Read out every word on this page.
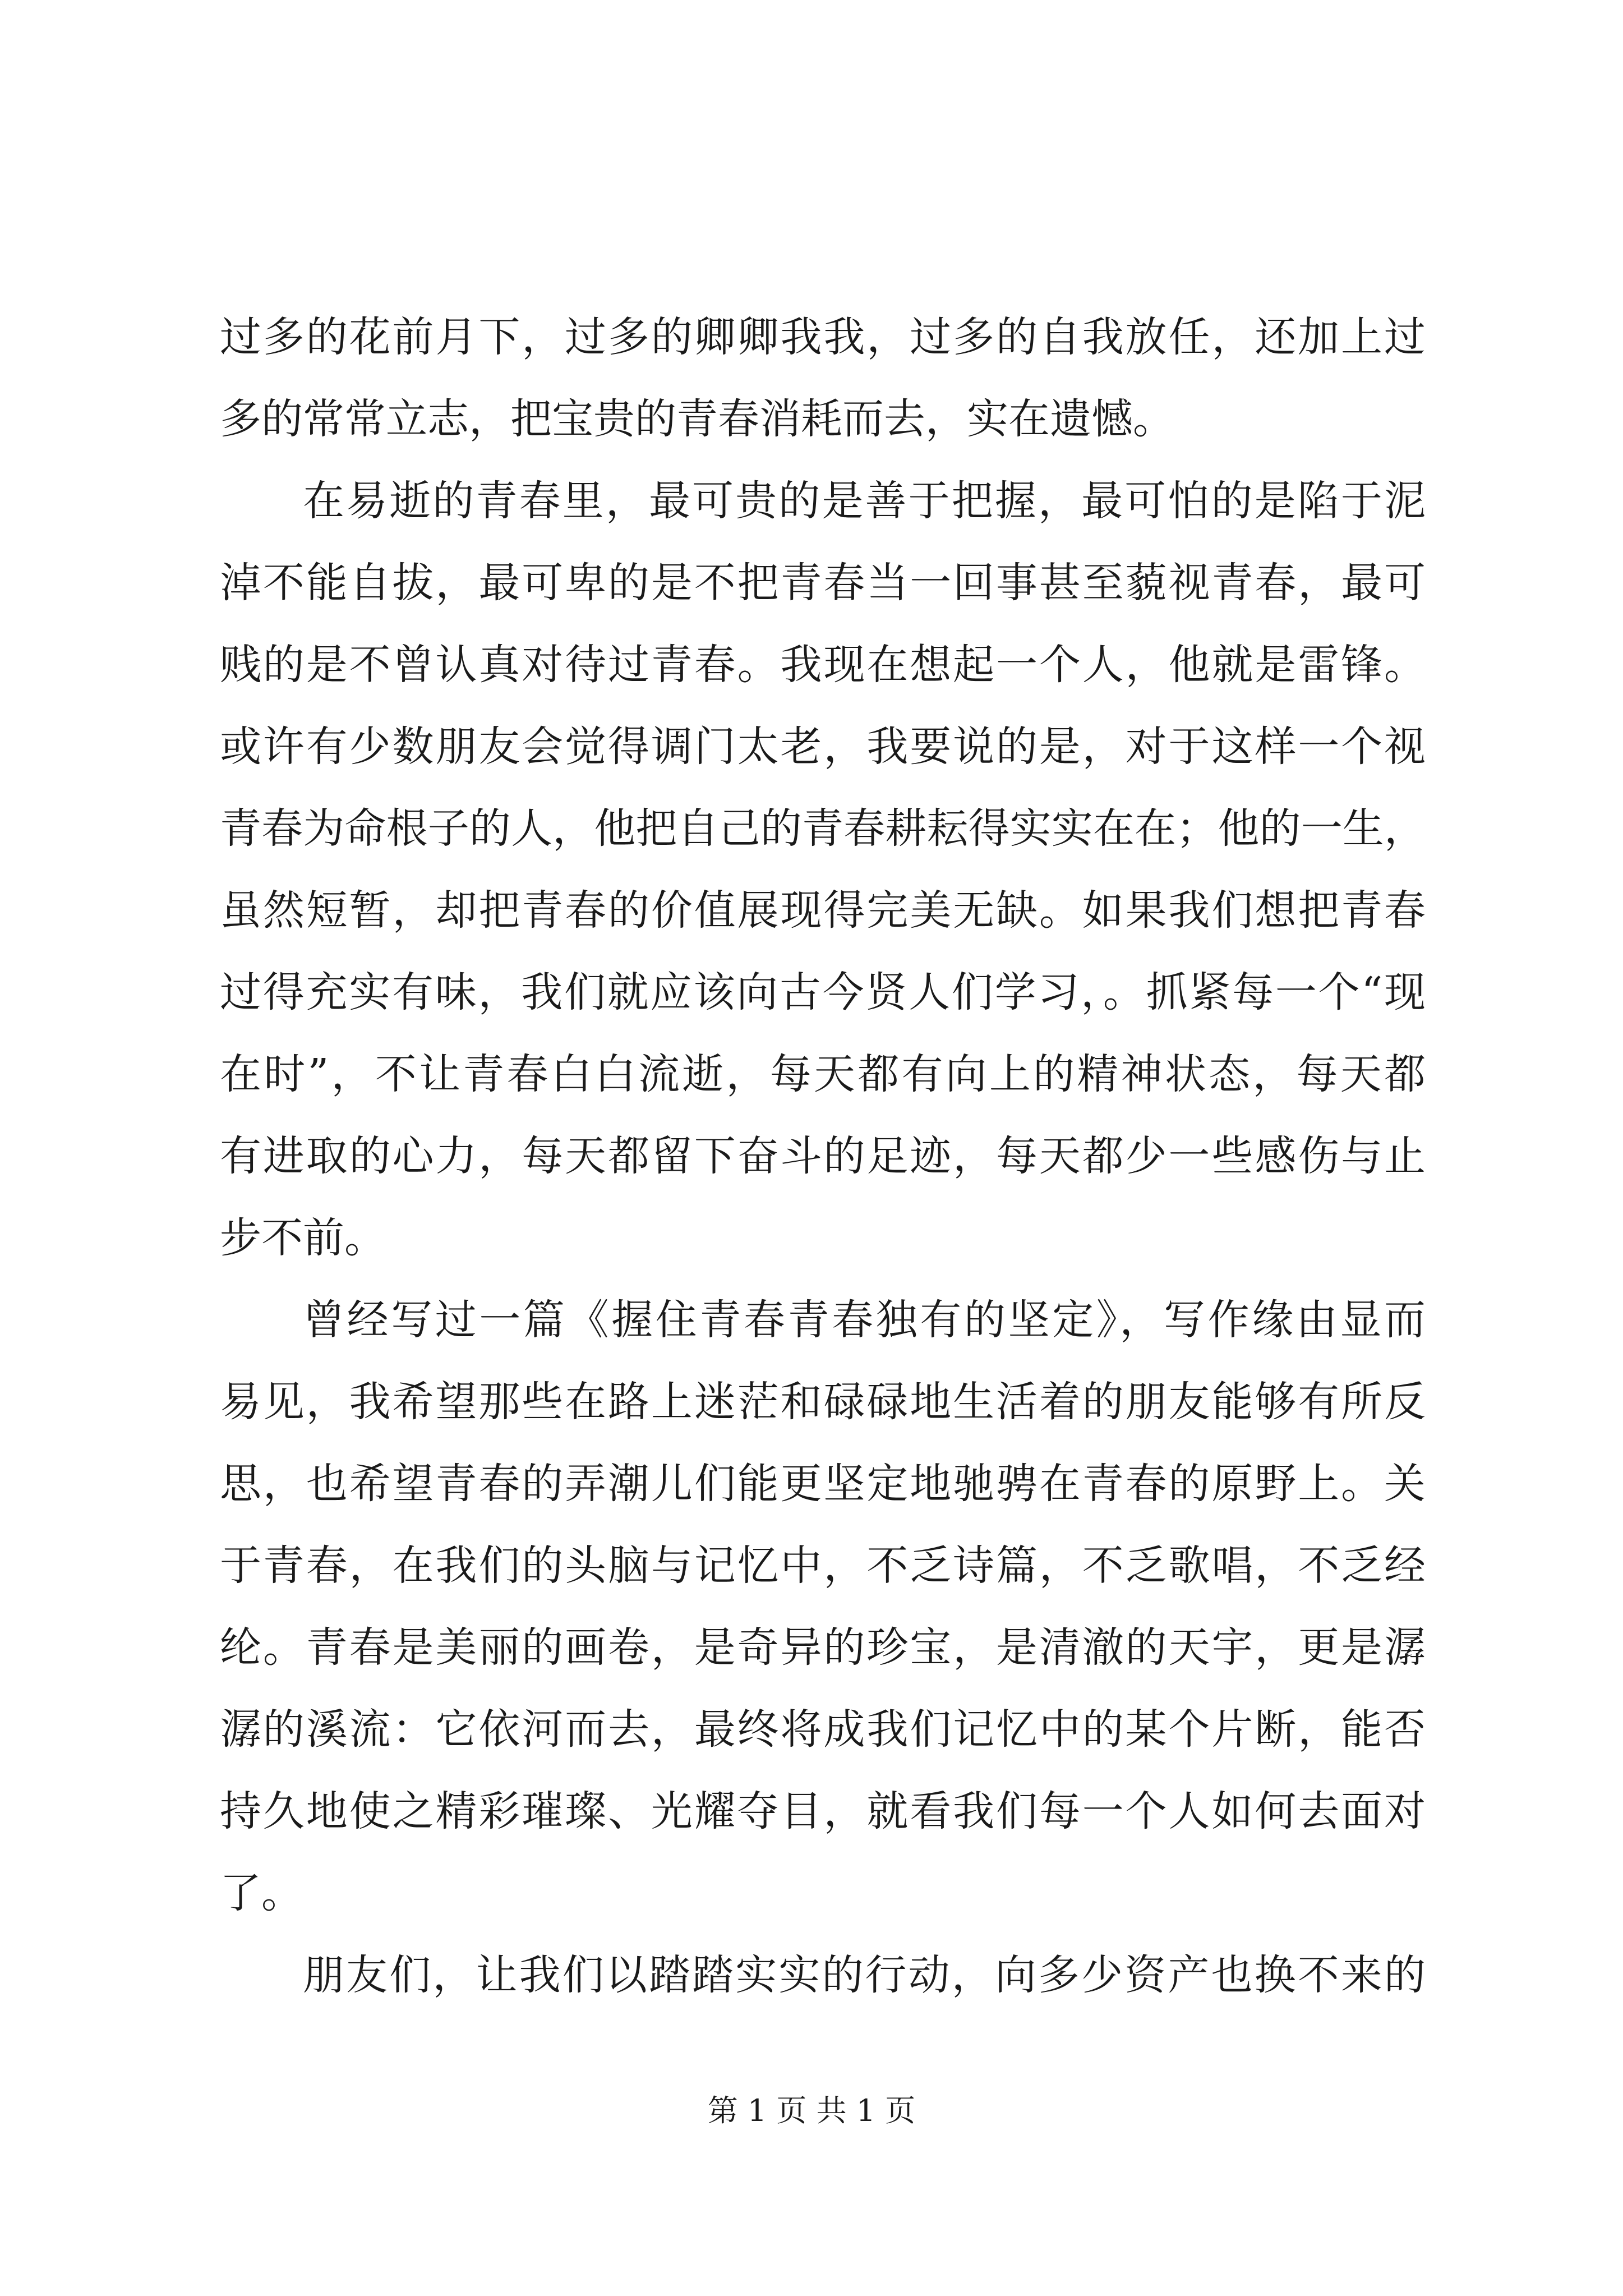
过多的花前月下，过多的卿卿我我，过多的自我放任，还加上过
多的常常立志，把宝贵的青春消耗而去，实在遗憾。
在易逝的青春里，最可贵的是善于把握，最可怕的是陷于泥
淖不能自拔，最可卑的是不把青春当一回事甚至藐视青春，最可
贱的是不曾认真对待过青春。我现在想起一个人，他就是雷锋。
或许有少数朋友会觉得调门太老，我要说的是，对于这样一个视
青春为命根子的人，他把自己的青春耕耘得实实在在；他的一生，
虽然短暂，却把青春的价值展现得完美无缺。如果我们想把青春
过得充实有味，我们就应该向古今贤人们学习，。抓紧每一个“现
在时”，不让青春白白流逝，每天都有向上的精神状态，每天都
有进取的心力，每天都留下奋斗的足迹，每天都少一些感伤与止
步不前。
曾经写过一篇《握住青春青春独有的坚定》，写作缘由显而
易见，我希望那些在路上迷茫和碌碌地生活着的朋友能够有所反
思，也希望青春的弄潮儿们能更坚定地驰骋在青春的原野上。关
于青春，在我们的头脑与记忆中，不乏诗篇，不乏歌唱，不乏经
纶。青春是美丽的画卷，是奇异的珍宝，是清澈的天宇，更是潺
潺的溪流：它依河而去，最终将成我们记忆中的某个片断，能否
持久地使之精彩璀璨、光耀夺目，就看我们每一个人如何去面对
了。
朋友们，让我们以踏踏实实的行动，向多少资产也换不来的
第 1 页 共 1 页
